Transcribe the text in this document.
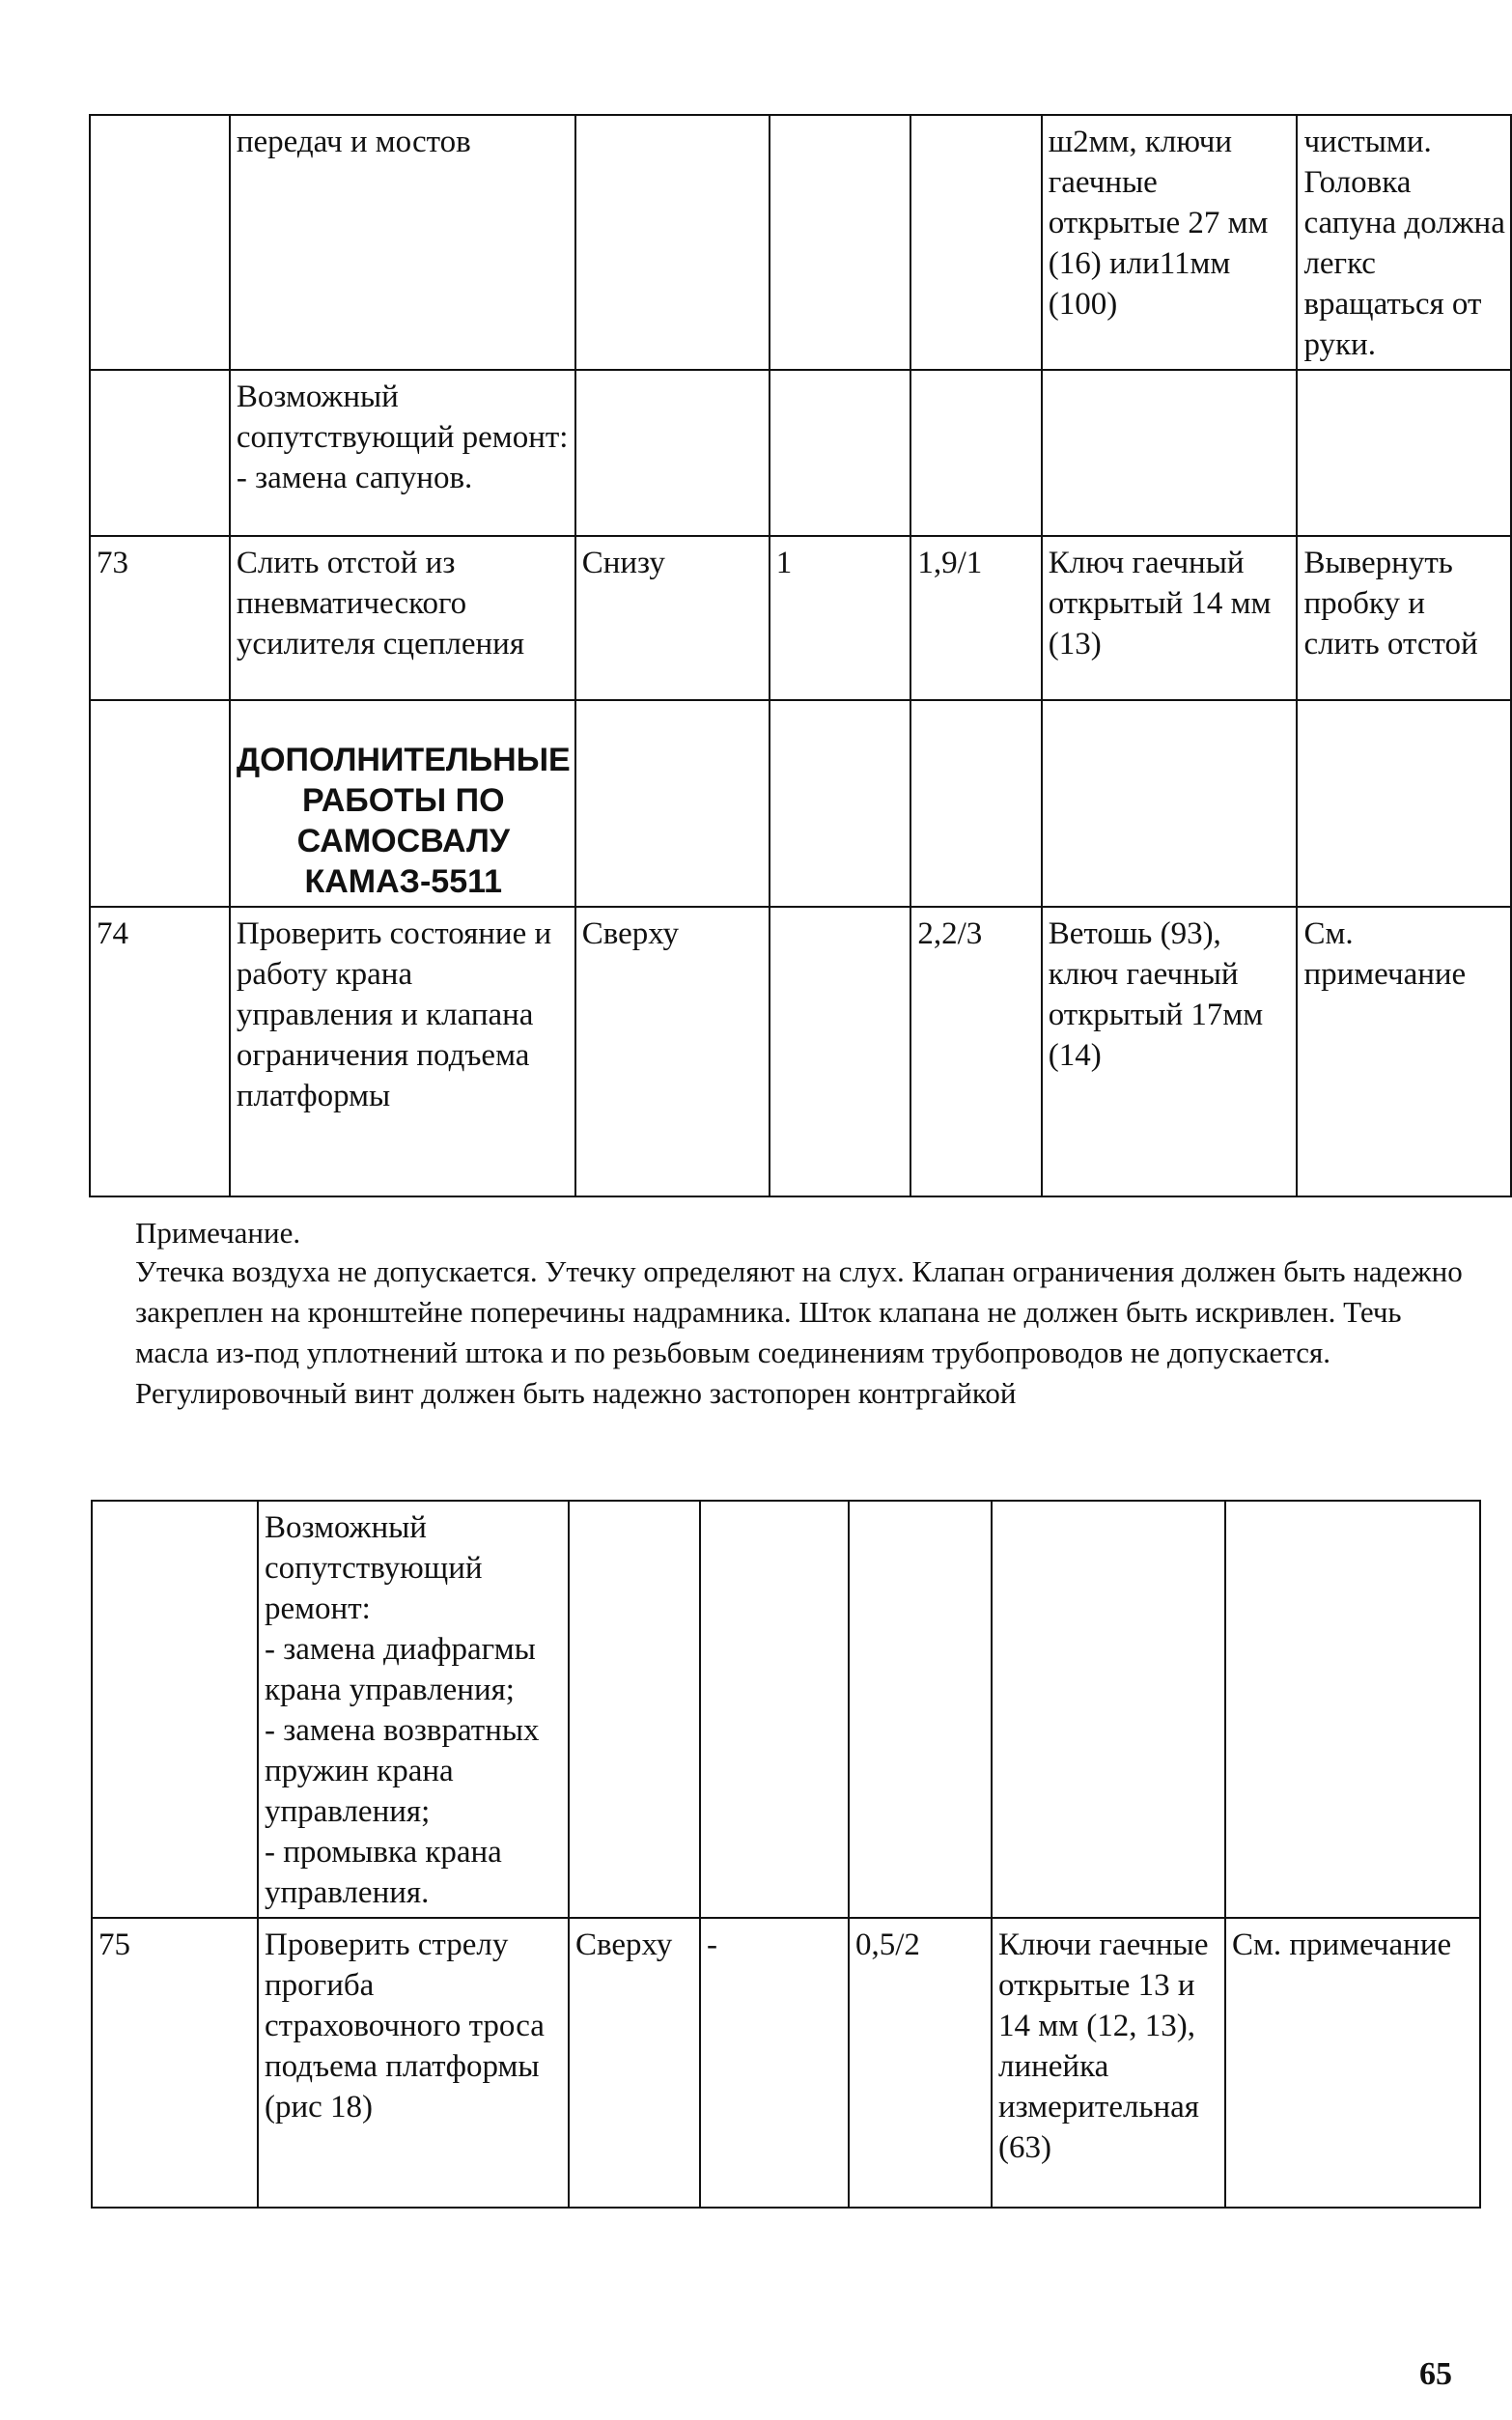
	передач и мостов				ш2мм, ключи гаечные открытые 27 мм (16) или11мм (100)	чистыми. Головка сапуна должна легкс вращаться от руки.
	Возможный сопутствующий ремонт:
- замена сапунов.					
73	Слить отстой из пневматического усилителя сцепления	Снизу	1	1,9/1	Ключ гаечный открытый 14 мм (13)	Вывернуть пробку и слить отстой
	ДОПОЛНИТЕЛЬНЫЕ РАБОТЫ ПО САМОСВАЛУ КАМАЗ-5511					
74	Проверить состояние и работу крана управления и клапана ограничения подъема платформы	Сверху		2,2/3	Ветошь (93), ключ гаечный открытый 17мм (14)	См. примечание
Примечание.
Утечка воздуха не допускается. Утечку определяют на слух. Клапан ограничения должен быть надежно закреплен на кронштейне поперечины надрамника. Шток клапана не должен быть искривлен. Течь масла из-под уплотнений штока и по резьбовым соединениям трубопроводов не допускается. Регулировочный винт должен быть надежно застопорен контргайкой
	Возможный сопутствующий ремонт:
- замена диафрагмы крана управления;
- замена возвратных пружин крана управления;
- промывка крана управления.					
75	Проверить стрелу прогиба страховочного троса подъема платформы (рис 18)	Сверху	-	0,5/2	Ключи гаечные открытые 13 и 14 мм (12, 13), линейка измерительная (63)	См. примечание
65
